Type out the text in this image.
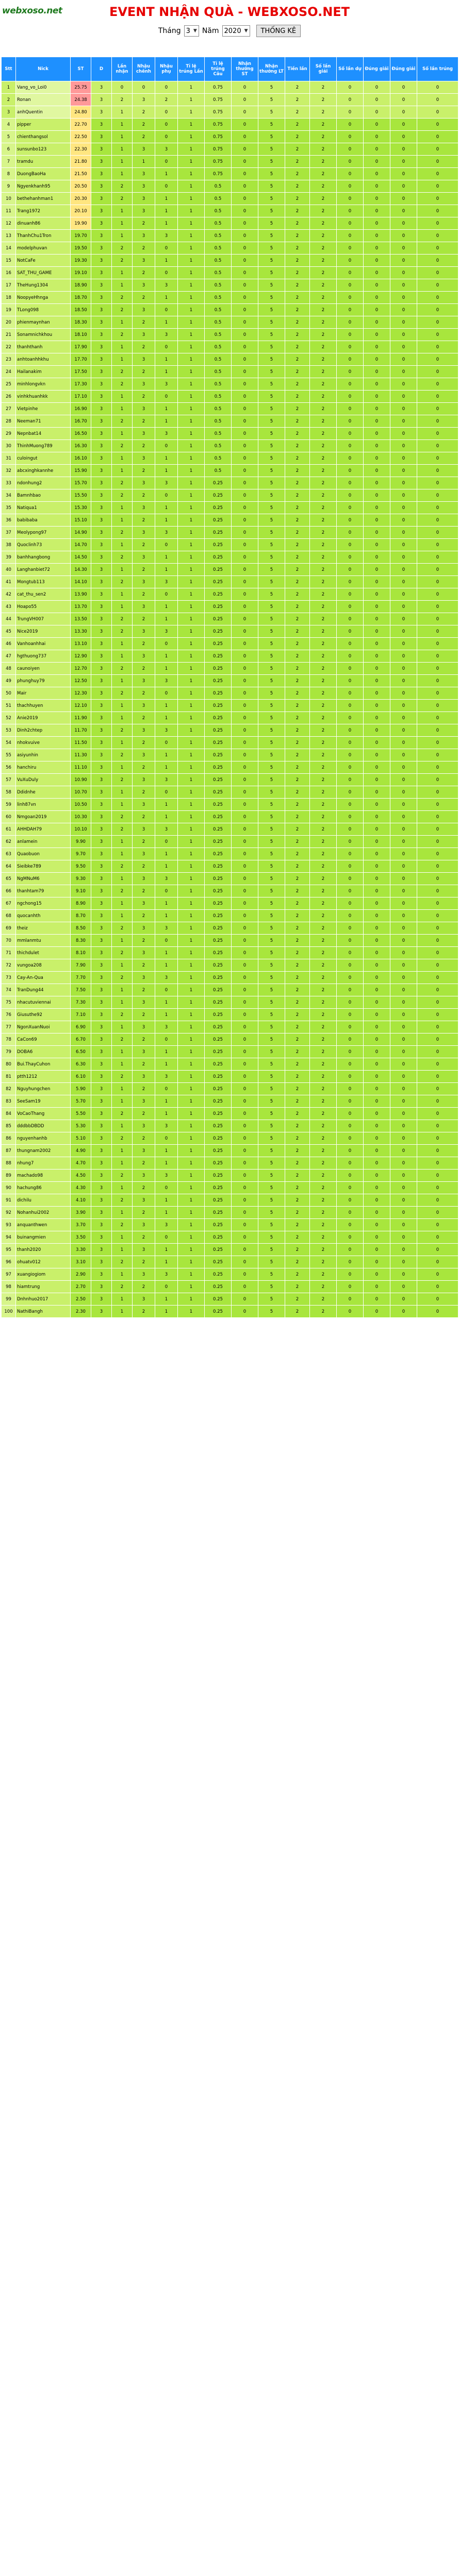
webxoso.net	EVENT NHẬN QUÀ - WEBXOSO.NET
Tháng 3 ▼ Năm 2020 ▼	THỐNG KÊ
Stt	Nick	ST	D	Lần nhận	Nhậu chênh	Nhậu phụ	Tỉ lệ trúng Lần	Tỉ lệ trúng Câu	Nhận thưởng ST	Nhận thưởng LT	Tiền lần	Số lần giải	Số lần dự	Đúng giải	Đúng giải	Số lần trúng
1	Vang_vo_Loi0	25.75	3	0	0	0	1	0.75	0	5	2	2	0	0	0	0
2	Ronan	24.38	3	2	3	2	1	0.75	0	5	2	2	0	0	0	0
3	anhQuentin	24.80	3	1	2	0	1	0.75	0	5	2	2	0	0	0	0
4	pipper	22.70	3	1	2	0	1	0.75	0	5	2	2	0	0	0	0
5	chienthangsol	22.50	3	1	2	0	1	0.75	0	5	2	2	0	0	0	0
6	sunsunbo123	22.30	3	1	3	3	1	0.75	0	5	2	2	0	0	0	0
7	tramdu	21.80	3	1	1	0	1	0.75	0	5	2	2	0	0	0	0
8	DuongBaoHa	21.50	3	1	3	1	1	0.75	0	5	2	2	0	0	0	0
9	Ngyenkhanh95	20.50	3	2	3	0	1	0.5	0	5	2	2	0	0	0	0
10	bethehanhman1	20.30	3	2	3	1	1	0.5	0	5	2	2	0	0	0	0
11	Trang1972	20.10	3	1	3	1	1	0.5	0	5	2	2	0	0	0	0
12	dinuanh86	19.90	3	1	2	1	1	0.5	0	5	2	2	0	0	0	0
13	ThanhChu1Tron	19.70	3	1	3	3	1	0.5	0	5	2	2	0	0	0	0
14	modelphuvan	19.50	3	2	2	0	1	0.5	0	5	2	2	0	0	0	0
15	NotCaFe	19.30	3	2	3	1	1	0.5	0	5	2	2	0	0	0	0
16	SAT_THU_GAME	19.10	3	1	2	0	1	0.5	0	5	2	2	0	0	0	0
17	TheHung1304	18.90	3	1	3	3	1	0.5	0	5	2	2	0	0	0	0
18	NoopyeHhnga	18.70	3	2	2	1	1	0.5	0	5	2	2	0	0	0	0
19	TLong098	18.50	3	2	3	0	1	0.5	0	5	2	2	0	0	0	0
20	phienmaynhan	18.30	3	1	2	1	1	0.5	0	5	2	2	0	0	0	0
21	Sonamnichkhou	18.10	3	2	3	3	1	0.5	0	5	2	2	0	0	0	0
22	thanhthanh	17.90	3	1	2	0	1	0.5	0	5	2	2	0	0	0	0
23	anhtoanhhkhu	17.70	3	1	3	1	1	0.5	0	5	2	2	0	0	0	0
24	Hailanakim	17.50	3	2	2	1	1	0.5	0	5	2	2	0	0	0	0
25	minhlongvkn	17.30	3	2	3	3	1	0.5	0	5	2	2	0	0	0	0
26	vinhkhuanhkk	17.10	3	1	2	0	1	0.5	0	5	2	2	0	0	0	0
27	Vietpinhe	16.90	3	1	3	1	1	0.5	0	5	2	2	0	0	0	0
28	Neeman71	16.70	3	2	2	1	1	0.5	0	5	2	2	0	0	0	0
29	Nepnbat14	16.50	3	1	3	3	1	0.5	0	5	2	2	0	0	0	0
30	ThinhMuong789	16.30	3	2	2	0	1	0.5	0	5	2	2	0	0	0	0
31	culoingut	16.10	3	1	3	1	1	0.5	0	5	2	2	0	0	0	0
32	abcxinghkannhe	15.90	3	1	2	1	1	0.5	0	5	2	2	0	0	0	0
33	ndonhung2	15.70	3	2	3	3	1	0.25	0	5	2	2	0	0	0	0
34	Bamnhbao	15.50	3	2	2	0	1	0.25	0	5	2	2	0	0	0	0
35	Natiqua1	15.30	3	1	3	1	1	0.25	0	5	2	2	0	0	0	0
36	babibaba	15.10	3	1	2	1	1	0.25	0	5	2	2	0	0	0	0
37	Meolypong97	14.90	3	2	3	3	1	0.25	0	5	2	2	0	0	0	0
38	Quoclinh73	14.70	3	1	2	0	1	0.25	0	5	2	2	0	0	0	0
39	banhhangbong	14.50	3	2	3	1	1	0.25	0	5	2	2	0	0	0	0
40	Langhanbiet72	14.30	3	1	2	1	1	0.25	0	5	2	2	0	0	0	0
41	Mongtub113	14.10	3	2	3	3	1	0.25	0	5	2	2	0	0	0	0
42	cat_thu_sen2	13.90	3	1	2	0	1	0.25	0	5	2	2	0	0	0	0
43	Hoapo55	13.70	3	1	3	1	1	0.25	0	5	2	2	0	0	0	0
44	TrungVH007	13.50	3	2	2	1	1	0.25	0	5	2	2	0	0	0	0
45	Nice2019	13.30	3	2	3	3	1	0.25	0	5	2	2	0	0	0	0
46	Vanhoanhhai	13.10	3	1	2	0	1	0.25	0	5	2	2	0	0	0	0
47	hgthuong737	12.90	3	1	3	1	1	0.25	0	5	2	2	0	0	0	0
48	caunoiyen	12.70	3	2	2	1	1	0.25	0	5	2	2	0	0	0	0
49	phunghuy79	12.50	3	1	3	3	1	0.25	0	5	2	2	0	0	0	0
50	Mair	12.30	3	2	2	0	1	0.25	0	5	2	2	0	0	0	0
51	thachhuyen	12.10	3	1	3	1	1	0.25	0	5	2	2	0	0	0	0
52	Anie2019	11.90	3	1	2	1	1	0.25	0	5	2	2	0	0	0	0
53	Dinh2chtep	11.70	3	2	3	3	1	0.25	0	5	2	2	0	0	0	0
54	nhokvuive	11.50	3	1	2	0	1	0.25	0	5	2	2	0	0	0	0
55	asiyunhin	11.30	3	2	3	1	1	0.25	0	5	2	2	0	0	0	0
56	hanchiru	11.10	3	1	2	1	1	0.25	0	5	2	2	0	0	0	0
57	VuXuDuly	10.90	3	2	3	3	1	0.25	0	5	2	2	0	0	0	0
58	Ddidnhe	10.70	3	1	2	0	1	0.25	0	5	2	2	0	0	0	0
59	linh87vn	10.50	3	1	3	1	1	0.25	0	5	2	2	0	0	0	0
60	Nmgoan2019	10.30	3	2	2	1	1	0.25	0	5	2	2	0	0	0	0
61	AHHDAH79	10.10	3	2	3	3	1	0.25	0	5	2	2	0	0	0	0
62	anlamein	9.90	3	1	2	0	1	0.25	0	5	2	2	0	0	0	0
63	Quaobuon	9.70	3	1	3	1	1	0.25	0	5	2	2	0	0	0	0
64	Sieibke789	9.50	3	2	2	1	1	0.25	0	5	2	2	0	0	0	0
65	NgMNuM6	9.30	3	1	3	3	1	0.25	0	5	2	2	0	0	0	0
66	thanhtam79	9.10	3	2	2	0	1	0.25	0	5	2	2	0	0	0	0
67	ngchong15	8.90	3	1	3	1	1	0.25	0	5	2	2	0	0	0	0
68	quocanhth	8.70	3	1	2	1	1	0.25	0	5	2	2	0	0	0	0
69	theiz	8.50	3	2	3	3	1	0.25	0	5	2	2	0	0	0	0
70	mmlanmtu	8.30	3	1	2	0	1	0.25	0	5	2	2	0	0	0	0
71	thichdulet	8.10	3	2	3	1	1	0.25	0	5	2	2	0	0	0	0
72	vungoa208	7.90	3	1	2	1	1	0.25	0	5	2	2	0	0	0	0
73	Cay-An-Qua	7.70	3	2	3	3	1	0.25	0	5	2	2	0	0	0	0
74	TranDung44	7.50	3	1	2	0	1	0.25	0	5	2	2	0	0	0	0
75	nhacutuviennai	7.30	3	1	3	1	1	0.25	0	5	2	2	0	0	0	0
76	Giusuthe92	7.10	3	2	2	1	1	0.25	0	5	2	2	0	0	0	0
77	NgonXuanNuoi	6.90	3	1	3	3	1	0.25	0	5	2	2	0	0	0	0
78	CaCon69	6.70	3	2	2	0	1	0.25	0	5	2	2	0	0	0	0
79	DOBA6	6.50	3	1	3	1	1	0.25	0	5	2	2	0	0	0	0
80	Bui.ThayCuhon	6.30	3	1	2	1	1	0.25	0	5	2	2	0	0	0	0
81	ptth1212	6.10	3	2	3	3	1	0.25	0	5	2	2	0	0	0	0
82	Nguyhungchen	5.90	3	1	2	0	1	0.25	0	5	2	2	0	0	0	0
83	SeeSam19	5.70	3	1	3	1	1	0.25	0	5	2	2	0	0	0	0
84	VoCaoThang	5.50	3	2	2	1	1	0.25	0	5	2	2	0	0	0	0
85	dddbbDBDD	5.30	3	1	3	3	1	0.25	0	5	2	2	0	0	0	0
86	nguyenhanhb	5.10	3	2	2	0	1	0.25	0	5	2	2	0	0	0	0
87	thungnam2002	4.90	3	1	3	1	1	0.25	0	5	2	2	0	0	0	0
88	nhung7	4.70	3	1	2	1	1	0.25	0	5	2	2	0	0	0	0
89	machado98	4.50	3	2	3	3	1	0.25	0	5	2	2	0	0	0	0
90	hachung86	4.30	3	1	2	0	1	0.25	0	5	2	2	0	0	0	0
91	dichilu	4.10	3	2	3	1	1	0.25	0	5	2	2	0	0	0	0
92	Nohanhui2002	3.90	3	1	2	1	1	0.25	0	5	2	2	0	0	0	0
93	anquanthwen	3.70	3	2	3	3	1	0.25	0	5	2	2	0	0	0	0
94	buinangmien	3.50	3	1	2	0	1	0.25	0	5	2	2	0	0	0	0
95	thanh2020	3.30	3	1	3	1	1	0.25	0	5	2	2	0	0	0	0
96	ohuatv012	3.10	3	2	2	1	1	0.25	0	5	2	2	0	0	0	0
97	xuangiogiom	2.90	3	1	3	3	1	0.25	0	5	2	2	0	0	0	0
98	hiamtrung	2.70	3	2	2	0	1	0.25	0	5	2	2	0	0	0	0
99	Dnhnhuo2017	2.50	3	1	3	1	1	0.25	0	5	2	2	0	0	0	0
100	NathiBangh	2.30	3	1	2	1	1	0.25	0	5	2	2	0	0	0	0
